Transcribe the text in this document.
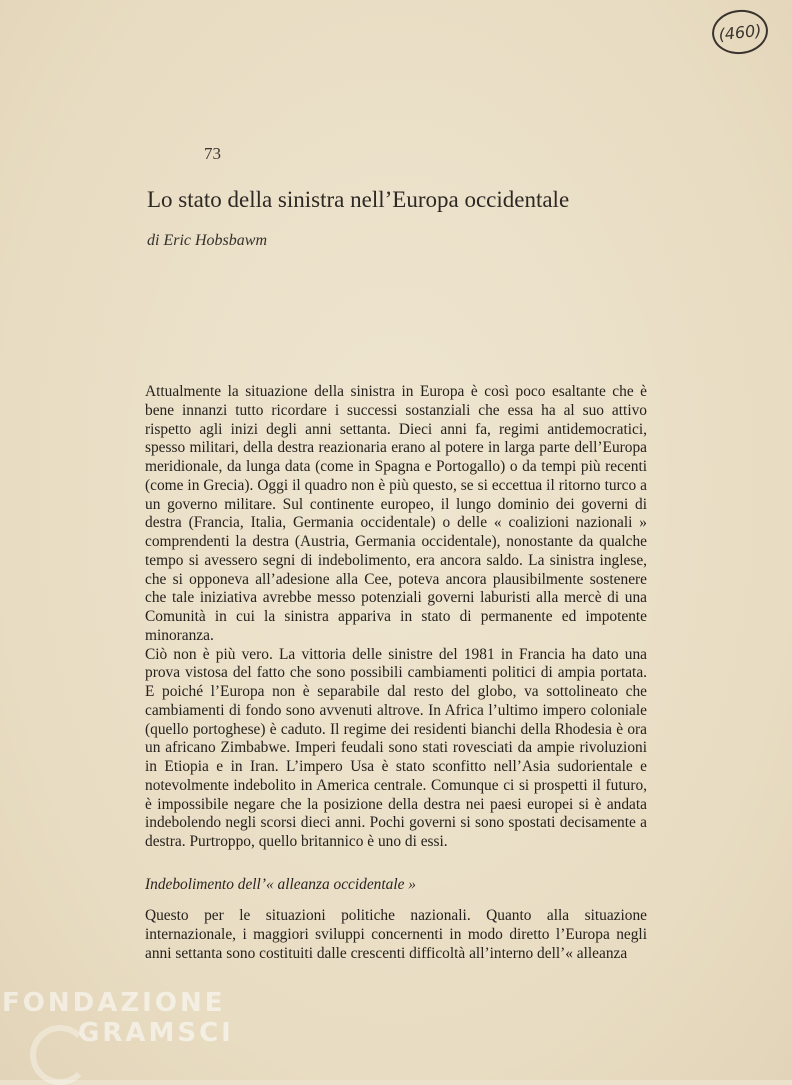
(460)
73
Lo stato della sinistra nell’Europa occidentale
di Eric Hobsbawm

Attualmente la situazione della sinistra in Europa è così poco esaltante che è bene innanzi tutto ricordare i successi sostanziali che essa ha al suo attivo rispetto agli inizi degli anni settanta. Dieci anni fa, regimi antidemocratici, spesso militari, della destra reazionaria erano al potere in larga parte dell’Europa meridionale, da lunga data (come in Spagna e Portogallo) o da tempi più recenti (come in Grecia). Oggi il quadro non è più questo, se si eccettua il ritorno turco a un governo militare. Sul continente europeo, il lungo dominio dei governi di destra (Francia, Italia, Germania occidentale) o delle « coalizioni nazionali » comprendenti la destra (Austria, Germania occidentale), nonostante da qualche tempo si avessero segni di indebolimento, era ancora saldo. La sinistra inglese, che si opponeva all’adesione alla Cee, poteva ancora plausibilmente sostenere che tale iniziativa avrebbe messo potenziali governi laburisti alla mercè di una Comunità in cui la sinistra appariva in stato di permanente ed impotente minoranza.

Ciò non è più vero. La vittoria delle sinistre del 1981 in Francia ha dato una prova vistosa del fatto che sono possibili cambiamenti politici di ampia portata. E poiché l’Europa non è separabile dal resto del globo, va sottolineato che cambiamenti di fondo sono avvenuti altrove. In Africa l’ultimo impero coloniale (quello portoghese) è caduto. Il regime dei residenti bianchi della Rhodesia è ora un africano Zimbabwe. Imperi feudali sono stati rovesciati da ampie rivoluzioni in Etiopia e in Iran. L’impero Usa è stato sconfitto nell’Asia sudorientale e notevolmente indebolito in America centrale. Comunque ci si prospetti il futuro, è impossibile negare che la posizione della destra nei paesi europei si è andata indebolendo negli scorsi dieci anni. Pochi governi si sono spostati decisamente a destra. Purtroppo, quello britannico è uno di essi.

Indebolimento dell’« alleanza occidentale »

Questo per le situazioni politiche nazionali. Quanto alla situazione internazionale, i maggiori sviluppi concernenti in modo diretto l’Europa negli anni settanta sono costituiti dalle crescenti difficoltà all’interno dell’« alleanza

FONDAZIONE
GRAMSCI
